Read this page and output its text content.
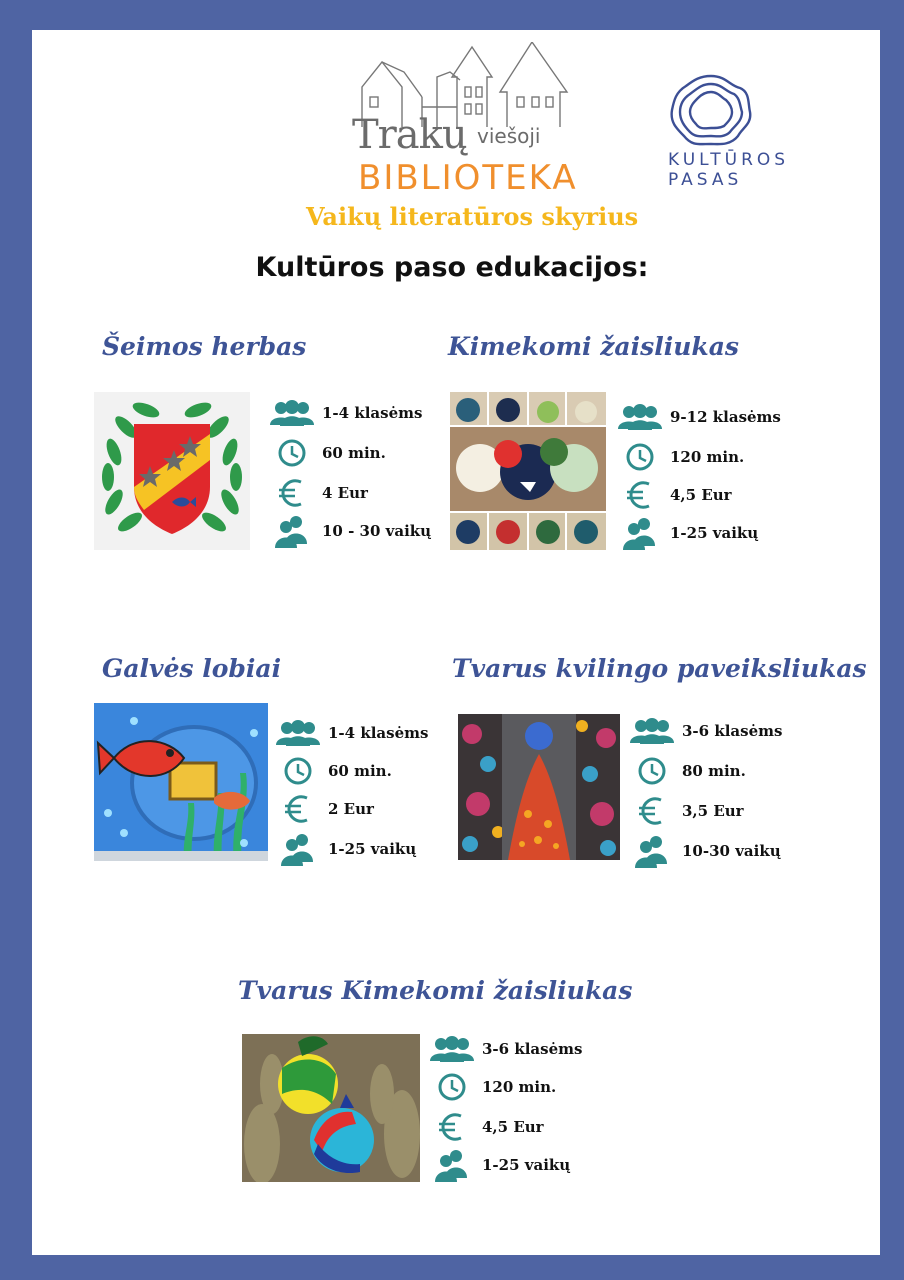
Trakų viešoji
BIBLIOTEKA
Vaikų literatūros skyrius
KULTŪROS
PASAS
Kultūros paso edukacijos:
Šeimos herbas
1-4 klasėms
60 min.
4 Eur
10 - 30 vaikų
Kimekomi žaisliukas
9-12 klasėms
120 min.
4,5 Eur
1-25 vaikų
Galvės lobiai
1-4 klasėms
60 min.
2 Eur
1-25 vaikų
Tvarus kvilingo paveiksliukas
3-6 klasėms
80 min.
3,5 Eur
10-30 vaikų
Tvarus Kimekomi žaisliukas
3-6 klasėms
120 min.
4,5 Eur
1-25 vaikų
